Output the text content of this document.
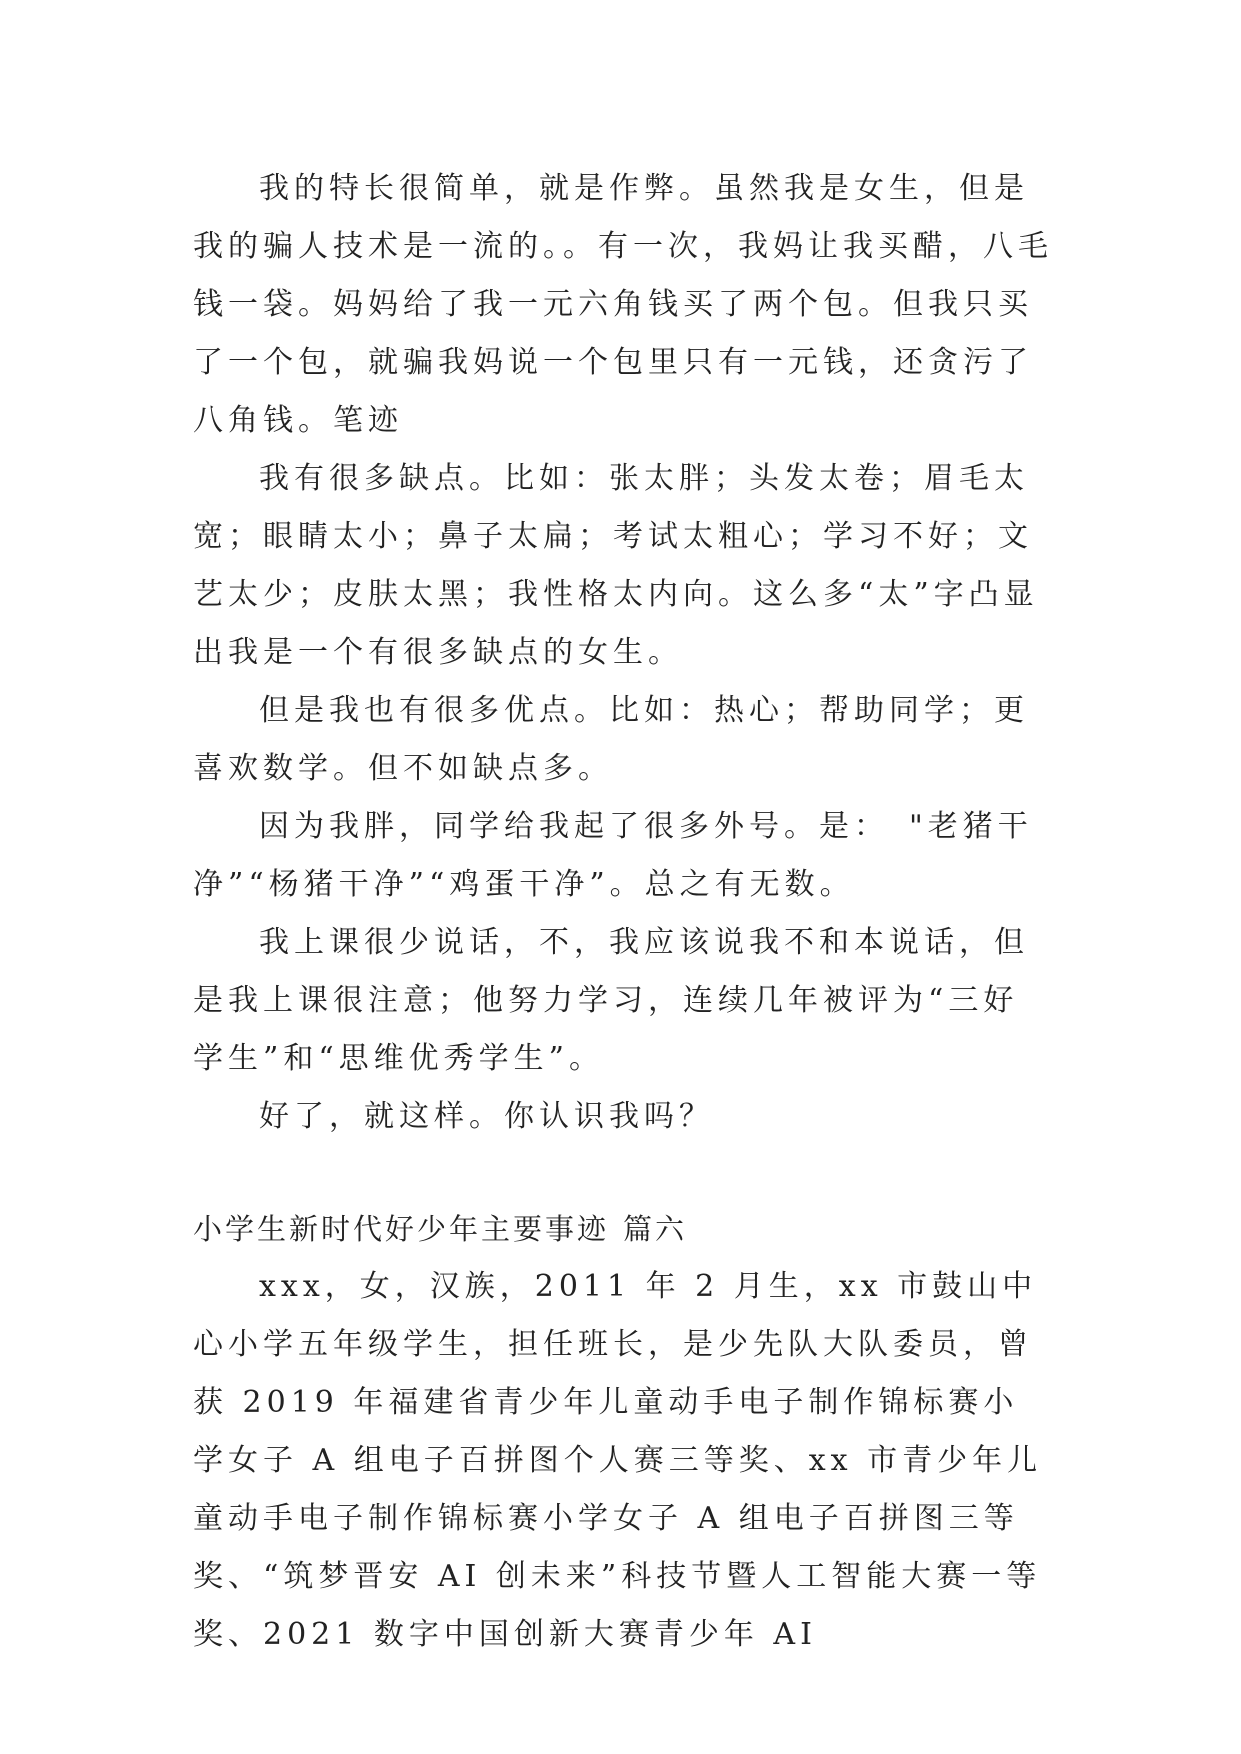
我的特长很简单，就是作弊。虽然我是女生，但是我的骗人技术是一流的。。有一次，我妈让我买醋，八毛钱一袋。妈妈给了我一元六角钱买了两个包。但我只买了一个包，就骗我妈说一个包里只有一元钱，还贪污了八角钱。笔迹

我有很多缺点。比如：张太胖；头发太卷；眉毛太宽；眼睛太小；鼻子太扁；考试太粗心；学习不好；文艺太少；皮肤太黑；我性格太内向。这么多“太”字凸显出我是一个有很多缺点的女生。

但是我也有很多优点。比如：热心；帮助同学；更喜欢数学。但不如缺点多。

因为我胖，同学给我起了很多外号。是：　"老猪干净”“杨猪干净”“鸡蛋干净”。总之有无数。

我上课很少说话，不，我应该说我不和本说话，但是我上课很注意；他努力学习，连续几年被评为“三好学生”和“思维优秀学生”。

好了，就这样。你认识我吗？

小学生新时代好少年主要事迹 篇六

xxx，女，汉族，2011 年 2 月生，xx 市鼓山中心小学五年级学生，担任班长，是少先队大队委员，曾获 2019 年福建省青少年儿童动手电子制作锦标赛小学女子 A 组电子百拼图个人赛三等奖、xx 市青少年儿童动手电子制作锦标赛小学女子 A 组电子百拼图三等奖、“筑梦晋安 AI 创未来”科技节暨人工智能大赛一等奖、2021 数字中国创新大赛青少年 AI
